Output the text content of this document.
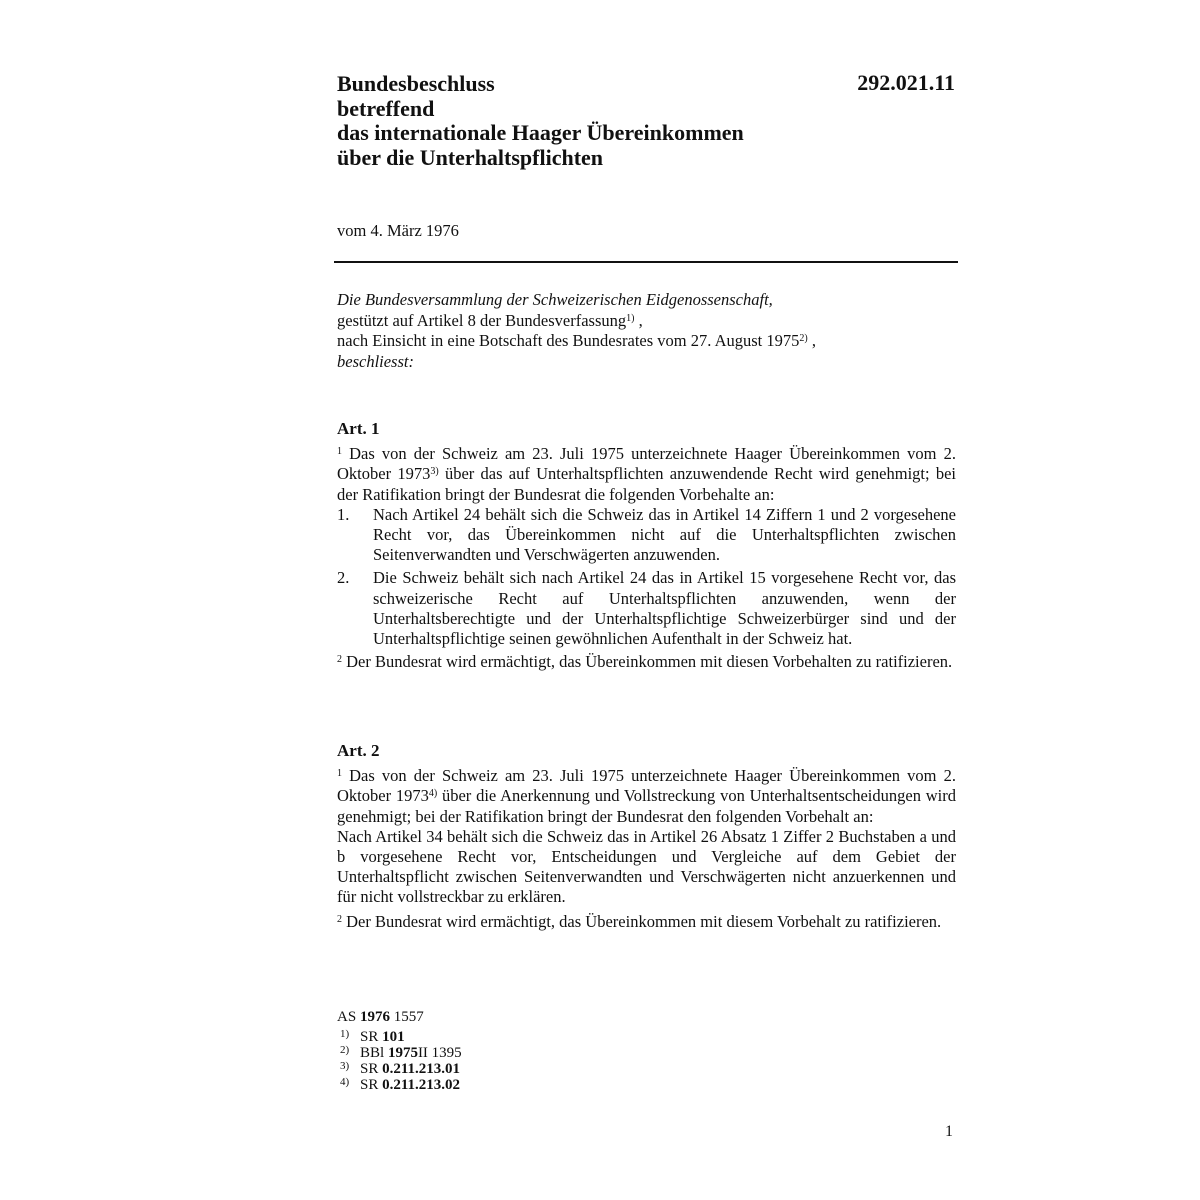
Bundesbeschluss
betreffend
das internationale Haager Übereinkommen
über die Unterhaltspflichten
292.021.11
vom 4. März 1976
Die Bundesversammlung der Schweizerischen Eidgenossenschaft,
gestützt auf Artikel 8 der Bundesverfassung$^{1)}$ ,
nach Einsicht in eine Botschaft des Bundesrates vom 27. August 1975$^{2)}$ ,
beschliesst:
Art. 1

$^1$ Das von der Schweiz am 23. Juli 1975 unterzeichnete Haager Übereinkommen vom 2. Oktober 1973$^{3)}$ über das auf Unterhaltspflichten anzuwendende Recht wird genehmigt; bei der Ratifikation bringt der Bundesrat die folgenden Vorbehalte an:

1.	Nach Artikel 24 behält sich die Schweiz das in Artikel 14 Ziffern 1 und 2 vorgesehene Recht vor, das Übereinkommen nicht auf die Unterhaltspflichten zwischen Seitenverwandten und Verschwägerten anzuwenden.
2.	Die Schweiz behält sich nach Artikel 24 das in Artikel 15 vorgesehene Recht vor, das schweizerische Recht auf Unterhaltspflichten anzuwenden, wenn der Unterhaltsberechtigte und der Unterhaltspflichtige Schweizerbürger sind und der Unterhaltspflichtige seinen gewöhnlichen Aufenthalt in der Schweiz hat.

$^2$ Der Bundesrat wird ermächtigt, das Übereinkommen mit diesen Vorbehalten zu ratifizieren.

Art. 2

$^1$ Das von der Schweiz am 23. Juli 1975 unterzeichnete Haager Übereinkommen vom 2. Oktober 1973$^{4)}$ über die Anerkennung und Vollstreckung von Unterhaltsentscheidungen wird genehmigt; bei der Ratifikation bringt der Bundesrat den folgenden Vorbehalt an:

Nach Artikel 34 behält sich die Schweiz das in Artikel 26 Absatz 1 Ziffer 2 Buchstaben a und b vorgesehene Recht vor, Entscheidungen und Vergleiche auf dem Gebiet der Unterhaltspflicht zwischen Seitenverwandten und Verschwägerten nicht anzuerkennen und für nicht vollstreckbar zu erklären.

$^2$ Der Bundesrat wird ermächtigt, das Übereinkommen mit diesem Vorbehalt zu ratifizieren.

AS 1976 1557
1) SR
101
2) BBl
1975 II 1395
3) SR
0.211.213.01
4) SR
0.211.213.02
1
